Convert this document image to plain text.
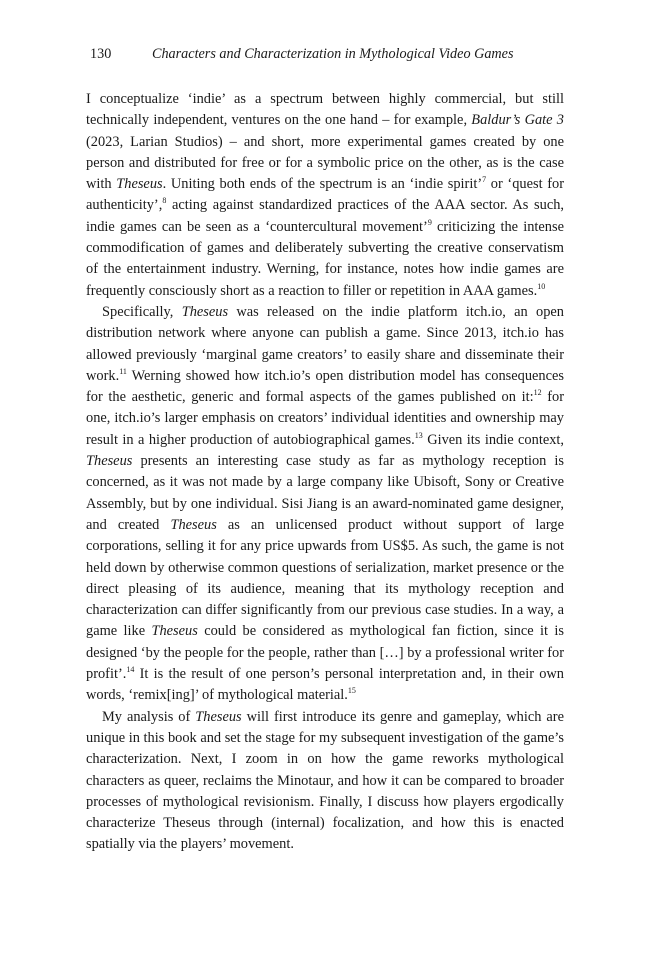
130	Characters and Characterization in Mythological Video Games

I conceptualize ‘indie’ as a spectrum between highly commercial, but still technically independent, ventures on the one hand – for example, Baldur’s Gate 3 (2023, Larian Studios) – and short, more experimental games created by one person and distributed for free or for a symbolic price on the other, as is the case with Theseus. Uniting both ends of the spectrum is an ‘indie spirit’$^7$ or ‘quest for authenticity’,$^8$ acting against standardized practices of the AAA sector. As such, indie games can be seen as a ‘countercultural movement’$^9$ criticizing the intense commodification of games and deliberately subverting the creative conservatism of the entertainment industry. Werning, for instance, notes how indie games are frequently consciously short as a reaction to filler or repetition in AAA games.$^{10}$

Specifically, Theseus was released on the indie platform itch.io, an open distribution network where anyone can publish a game. Since 2013, itch.io has allowed previously ‘marginal game creators’ to easily share and disseminate their work.$^{11}$ Werning showed how itch.io’s open distribution model has consequences for the aesthetic, generic and formal aspects of the games published on it:$^{12}$ for one, itch.io’s larger emphasis on creators’ individual identities and ownership may result in a higher production of autobiographical games.$^{13}$ Given its indie context, Theseus presents an interesting case study as far as mythology reception is concerned, as it was not made by a large company like Ubisoft, Sony or Creative Assembly, but by one individual. Sisi Jiang is an award-nominated game designer, and created Theseus as an unlicensed product without support of large corporations, selling it for any price upwards from US$5. As such, the game is not held down by otherwise common questions of serialization, market presence or the direct pleasing of its audience, meaning that its mythology reception and characterization can differ significantly from our previous case studies. In a way, a game like Theseus could be considered as mythological fan fiction, since it is designed ‘by the people for the people, rather than […] by a professional writer for profit’.$^{14}$ It is the result of one person’s personal interpretation and, in their own words, ‘remix[ing]’ of mythological material.$^{15}$

My analysis of Theseus will first introduce its genre and gameplay, which are unique in this book and set the stage for my subsequent investigation of the game’s characterization. Next, I zoom in on how the game reworks mythological characters as queer, reclaims the Minotaur, and how it can be compared to broader processes of mythological revisionism. Finally, I discuss how players ergodically characterize Theseus through (internal) focalization, and how this is enacted spatially via the players’ movement.
